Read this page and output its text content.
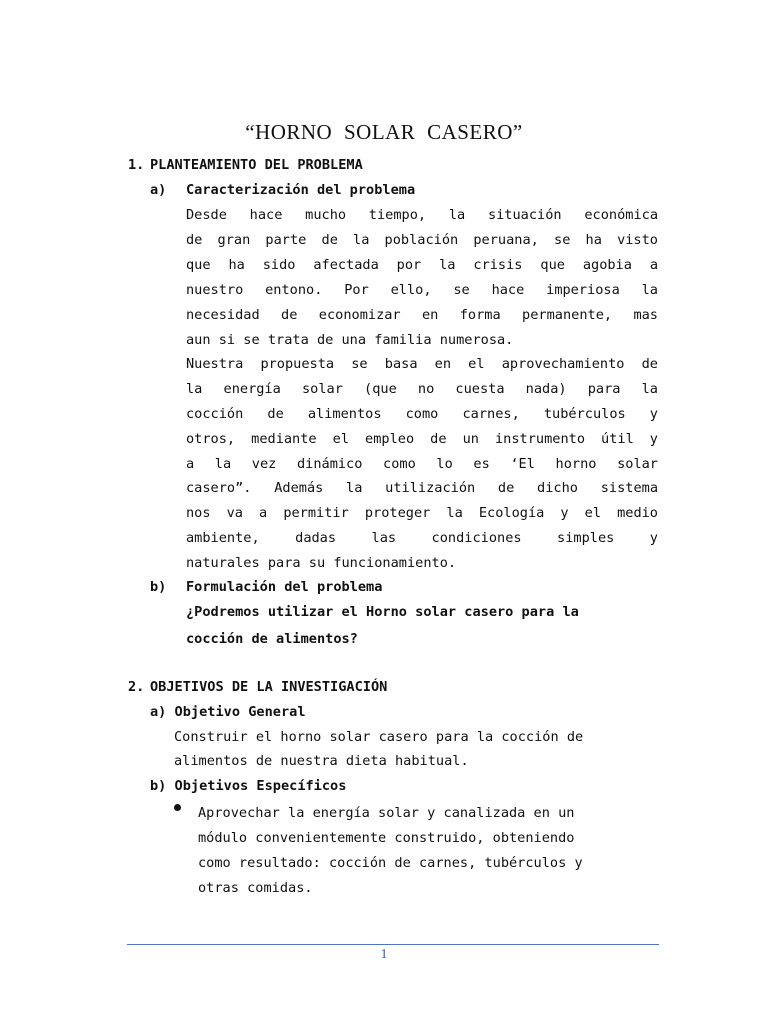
“HORNO SOLAR CASERO”
1. PLANTEAMIENTO DEL PROBLEMA
a) Caracterización del problema
Desde hace mucho tiempo, la situación económica
de gran parte de la población peruana, se ha visto
que ha sido afectada por la crisis que agobia a
nuestro entono. Por ello, se hace imperiosa la
necesidad de economizar en forma permanente, mas
aun si se trata de una familia numerosa.
Nuestra propuesta se basa en el aprovechamiento de
la energía solar (que no cuesta nada) para la
cocción de alimentos como carnes, tubérculos y
otros, mediante el empleo de un instrumento útil y
a la vez dinámico como lo es ‘El horno solar
casero”. Además la utilización de dicho sistema
nos va a permitir proteger la Ecología y el medio
ambiente, dadas las condiciones simples y
naturales para su funcionamiento.
b) Formulación del problema
¿Podremos utilizar el Horno solar casero para la
cocción de alimentos?
2. OBJETIVOS DE LA INVESTIGACIÓN
a) Objetivo General
Construir el horno solar casero para la cocción de
alimentos de nuestra dieta habitual.
b) Objetivos Específicos
Aprovechar la energía solar y canalizada en un
módulo convenientemente construido, obteniendo
como resultado: cocción de carnes, tubérculos y
otras comidas.
1
